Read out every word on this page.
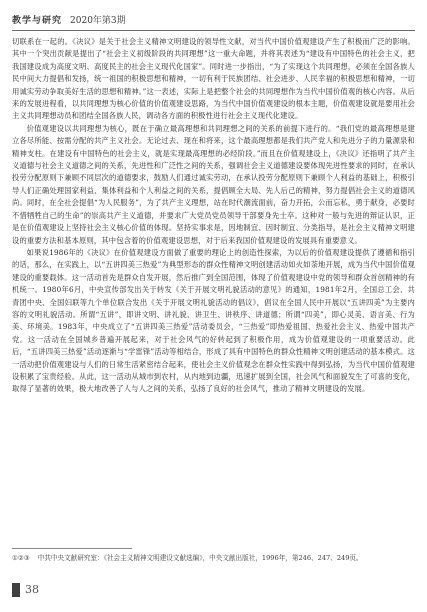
教学与研究 2020年第3期

切联系在一起的。《决议》是关于社会主义精神文明建设的领导性文献，对当代中国价值观建设产生了积极而广泛的影响。其中一个突出贡献是提出了“社会主义初级阶段的共同理想”这一重大命题，并将其表述为“建设有中国特色的社会主义，把我国建设成为高度文明、高度民主的社会主义现代化国家”。同时进一步指出，“为了实现这个共同理想，必须在全国各族人民中间大力提倡和发扬，统一祖国的积极思想和精神，一切有利于民族团结、社会进步、人民幸福的积极思想和精神，一切用诚实劳动争取美好生活的思想和精神。”这一表述，实际上是把整个社会的共同理想作为当代中国价值观的核心内容。从后来的发展进程看，以共同理想为核心价值的价值观建设思路，为当代中国价值观建设的根本主题，价值观建设就是要用社会主义共同理想动员和团结全国各族人民，调动各方面的积极性进行社会主义现代化建设。

价值观建设以共同理想为核心，既在于确立最高理想和共同理想之间的关系的前提下进行的。“我们党的最高理想是建立各尽所能、按需分配的共产主义社会。无论过去、现在和将来，这个最高理想都是我们共产党人和先进分子的力量源泉和精神支柱。在建设有中国特色的社会主义，就是实现最高理想的必经阶段。”而且在价值观建设上，《决议》还指明了共产主义道德与社会主义道德之间的关系，先进性和广泛性之间的关系，强调社会主义道德建设要体现先进性要求的同时，在承认投劳分配原则下兼顾不同层次的道德要求，鼓励人们通过诚实劳动，在承认投劳分配原则下兼顾个人利益的基础上，积极引导人们正确处理国家利益、集体利益和个人利益之间的关系，提倡顾全大局、先人后己的精神，努力提倡社会主义的道德风尚。同时，在全社会提倡“为人民服务”，为了共产主义理想，站在时代潮流面前，奋力开拓，公而忘私，勇于献身，必要时不惜牺牲自己的生命”的崇高共产主义道德，并要求广大党员党员领导干部要身先士卒。这种对一般与先进的辩证认识，正是在价值观建设上坚持社会主义核心价值的体现。坚持实事求是，因地制宜、因时制宜、分类指导，是社会主义精神文明建设的重要方法和基本原则，其中包含着的价值观建设思想，对于后来我国价值观建设的发展具有重要意义。

如果说1986年的《决议》在价值观建设方面做了重要的理论上的创造性探索，为以后的价值观建设提供了遵循和指引的话，那么，在实践上，以“五讲四美三热爱”为典型形态的群众性精神文明创建活动如火如荼地开展，成为当代中国价值观建设的重要载体。这一活动首先是群众自发开展，然后推广到全国范围，体现了价值观建设中党的领导和群众首创精神的有机统一。1980年6月，中央宣传部发出关于转发《关于开展文明礼貌活动的意见》的通知，1981年2月，全国总工会、共青团中央、全国妇联等九个单位联合发出《关于开展文明礼貌活动的倡议》，倡议在全国人民中开展以“五讲四美”为主要内容的文明礼貌活动。所谓“五讲”，即讲文明、讲礼貌、讲卫生、讲秩序、讲道德；所谓“四美”，即心灵美、语言美、行为美、环境美。1983年，中央成立了“五讲四美三热爱”活动委员会，“三热爱”即热爱祖国、热爱社会主义、热爱中国共产党。这一活动在全国城乡普遍开展起来，对于社会风气的好转起到了积极作用，成为价值观建设的一项重要活动。此后，“五讲四美三热爱”活动逐渐与“学雷锋”活动等相结合，形成了具有中国特色的群众性精神文明创建活动的基本模式。这一活动把价值观建设与人们的日常生活紧密结合起来，使社会主义价值观念在群众性实践中得到弘扬，为当代中国价值观建设积累了宝贵经验。从此，这一活动从城市到农村，从内地到边疆，迅速扩展到全国，社会风气和面貌发生了可喜的变化，取得了显著的效果，极大地改善了人与人之间的关系，弘扬了良好的社会风气，推动了精神文明建设的发展。

①②③ 中共中央文献研究室：《社会主义精神文明建设文献选编》，中央文献出版社，1996年，第246、247、249页。
38
